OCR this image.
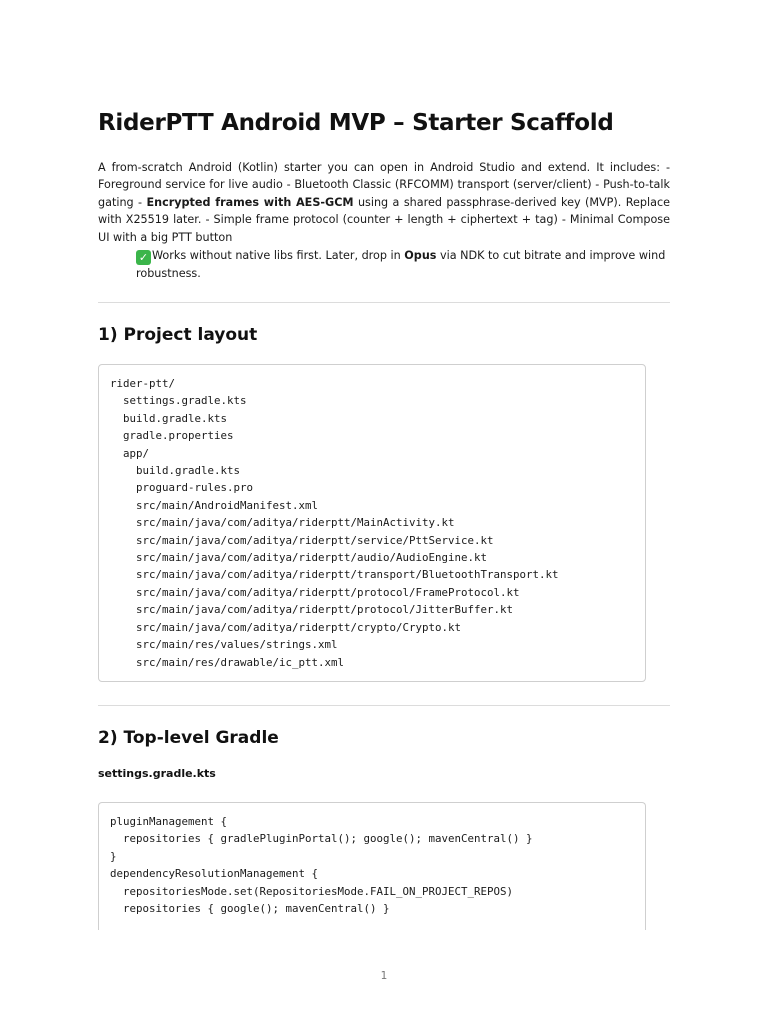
RiderPTT Android MVP – Starter Scaffold

A from-scratch Android (Kotlin) starter you can open in Android Studio and extend. It includes: - Foreground service for live audio - Bluetooth Classic (RFCOMM) transport (server/client) - Push-to-talk gating - Encrypted frames with AES-GCM using a shared passphrase-derived key (MVP). Replace with X25519 later. - Simple frame protocol (counter + length + ciphertext + tag) - Minimal Compose UI with a big PTT button

✓ Works without native libs first. Later, drop in Opus via NDK to cut bitrate and improve wind robustness.

1) Project layout
rider-ptt/
settings.gradle.kts
build.gradle.kts
gradle.properties
app/
build.gradle.kts
proguard-rules.pro
src/main/AndroidManifest.xml
src/main/java/com/aditya/riderptt/MainActivity.kt
src/main/java/com/aditya/riderptt/service/PttService.kt
src/main/java/com/aditya/riderptt/audio/AudioEngine.kt
src/main/java/com/aditya/riderptt/transport/BluetoothTransport.kt
src/main/java/com/aditya/riderptt/protocol/FrameProtocol.kt
src/main/java/com/aditya/riderptt/protocol/JitterBuffer.kt
src/main/java/com/aditya/riderptt/crypto/Crypto.kt
src/main/res/values/strings.xml
src/main/res/drawable/ic_ptt.xml
2) Top-level Gradle

settings.gradle.kts

pluginManagement {
repositories { gradlePluginPortal(); google(); mavenCentral() }
}
dependencyResolutionManagement {
repositoriesMode.set(RepositoriesMode.FAIL_ON_PROJECT_REPOS)
repositories { google(); mavenCentral() }
1
